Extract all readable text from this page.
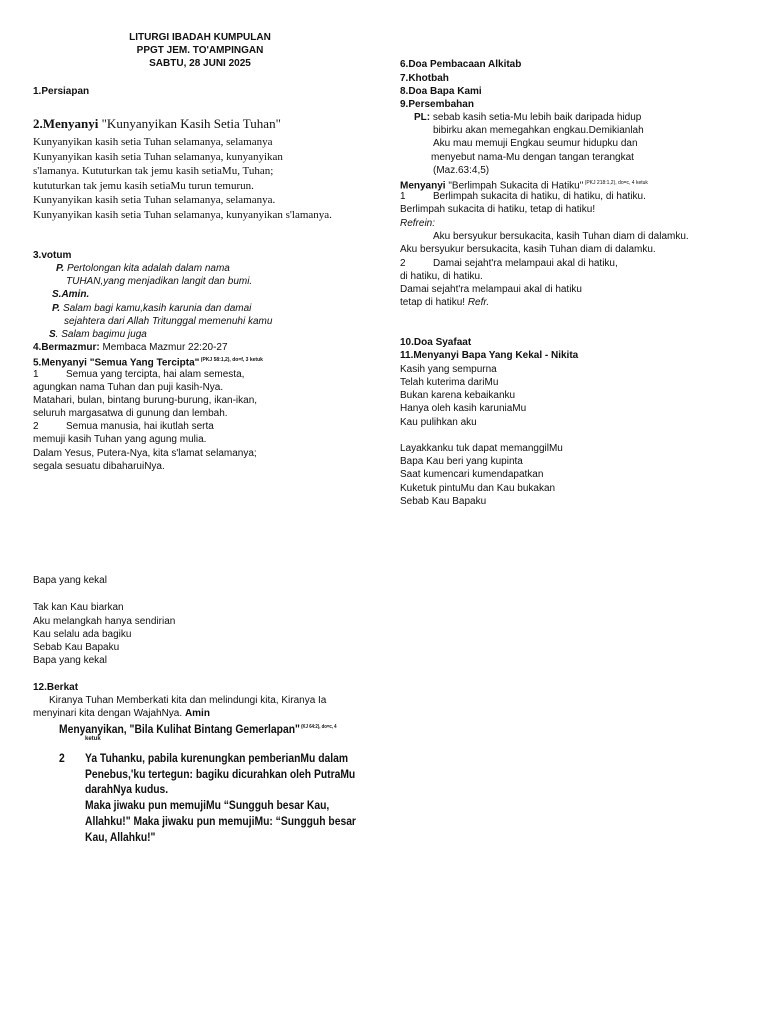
LITURGI IBADAH KUMPULAN
PPGT JEM. TO'AMPINGAN
SABTU, 28 JUNI 2025
1.Persiapan
2.Menyanyi "Kunyanyikan Kasih Setia Tuhan"
Kunyanyikan kasih setia Tuhan selamanya, selamanya
Kunyanyikan kasih setia Tuhan selamanya, kunyanyikan
s'lamanya. Kututurkan tak jemu kasih setiaMu, Tuhan;
kututurkan tak jemu kasih setiaMu turun temurun.
Kunyanyikan kasih setia Tuhan selamanya, selamanya.
Kunyanyikan kasih setia Tuhan selamanya, kunyanyikan s'lamanya.
3.votum
P. Pertolongan kita adalah dalam nama
TUHAN,yang menjadikan langit dan bumi.
S.Amin.
P. Salam bagi kamu,kasih karunia dan damai
sejahtera dari Allah Tritunggal memenuhi kamu
S. Salam bagimu juga
4.Bermazmur: Membaca Mazmur 22:20-27
5.Menyanyi "Semua Yang Tercipta" $^{(PKJ 58:1,2), do=f, 3 ketuk}$
1	Semua yang tercipta, hai alam semesta,
agungkan nama Tuhan dan puji kasih-Nya.
Matahari, bulan, bintang burung-burung, ikan-ikan,
seluruh margasatwa di gunung dan lembah.
2	Semua manusia, hai ikutlah serta
memuji kasih Tuhan yang agung mulia.
Dalam Yesus, Putera-Nya, kita s'lamat selamanya;
segala sesuatu dibaharuiNya.
Bapa yang kekal
Tak kan Kau biarkan
Aku melangkah hanya sendirian
Kau selalu ada bagiku
Sebab Kau Bapaku
Bapa yang kekal
12.Berkat
Kiranya Tuhan Memberkati kita dan melindungi kita, Kiranya Ia
menyinari kita dengan WajahNya. Amin
Menyanyikan, "Bila Kulihat Bintang Gemerlapan" $^{(KJ 64:2), do=c, 4}$
ketuk
2 Ya Tuhanku, pabila kurenungkan pemberianMu dalam
Penebus,'ku tertegun: bagiku dicurahkan oleh PutraMu
darahNya kudus.
Maka jiwaku pun memujiMu “Sungguh besar Kau,
Allahku!" Maka jiwaku pun memujiMu: “Sungguh besar
Kau, Allahku!"
6.Doa Pembacaan Alkitab
7.Khotbah
8.Doa Bapa Kami
9.Persembahan
PL: sebab kasih setia-Mu lebih baik daripada hidup
bibirku akan memegahkan engkau.Demikianlah
Aku mau memuji Engkau seumur hidupku dan
menyebut nama-Mu dengan tangan terangkat
(Maz.63:4,5)
Menyanyi "Berlimpah Sukacita di Hatiku" $^{(PKJ 218:1,2), do=c, 4 ketuk}$
1	Berlimpah sukacita di hatiku, di hatiku, di hatiku.
Berlimpah sukacita di hatiku, tetap di hatiku!
Refrein:
Aku bersyukur bersukacita, kasih Tuhan diam di dalamku.
Aku bersyukur bersukacita, kasih Tuhan diam di dalamku.
2	Damai sejaht'ra melampaui akal di hatiku,
di hatiku, di hatiku.
Damai sejaht'ra melampaui akal di hatiku
tetap di hatiku! Refr.
10.Doa Syafaat
11.Menyanyi Bapa Yang Kekal - Nikita
Kasih yang sempurna
Telah kuterima dariMu
Bukan karena kebaikanku
Hanya oleh kasih karuniaMu
Kau pulihkan aku
Layakkanku tuk dapat memanggilMu
Bapa Kau beri yang kupinta
Saat kumencari kumendapatkan
Kuketuk pintuMu dan Kau bukakan
Sebab Kau Bapaku
